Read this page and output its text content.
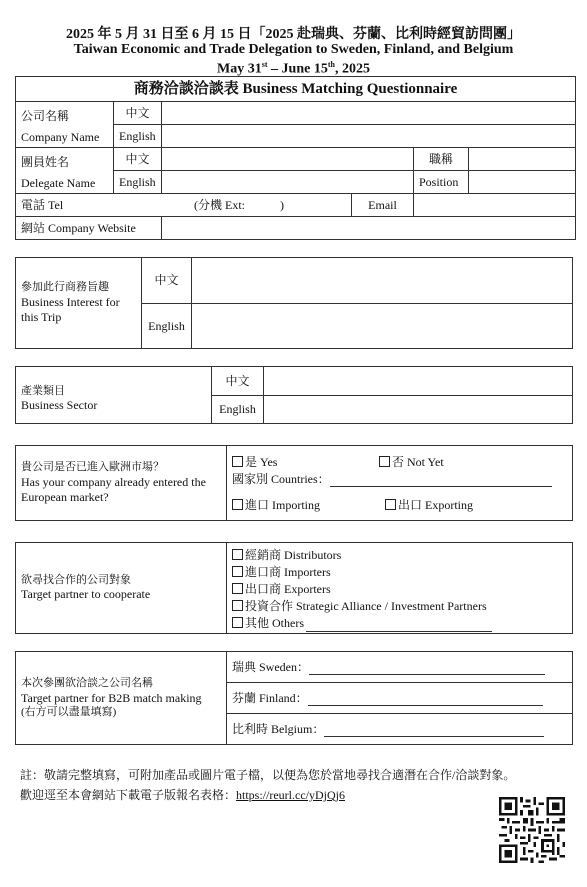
2025 年 5 月 31 日至 6 月 15 日「2025 赴瑞典、芬蘭、比利時經貿訪問團」
Taiwan Economic and Trade Delegation to Sweden, Finland, and Belgium
May 31st – June 15th, 2025
商務洽談洽談表 Business Matching Questionnaire					

公司名稱
Company Name	中文				
	English				

團員姓名
Delegate Name	中文			職稱	
	English			Position	
電話 Tel (分機 Ext: )			Email		
網站 Company Website					
參加此行商務旨趣
Business Interest for this Trip	中文	
	English	
產業類目
Business Sector	中文	
	English	
貴公司是否已進入歐洲市場？
Has your company already entered the European market?

是 Yes	否 Not Yet
國家別 Countries：
進口 Importing	出口 Exporting
欲尋找合作的公司對象
Target partner to cooperate

經銷商 Distributors
進口商 Importers
出口商 Exporters
投資合作 Strategic Alliance / Investment Partners
其他 Others
本次參團欲洽談之公司名稱
Target partner for B2B match making
(右方可以盡量填寫)
	瑞典 Sweden：
芬蘭 Finland：
比利時 Belgium：
註：敬請完整填寫，可附加產品或圖片電子檔，以便為您於當地尋找合適潛在合作/洽談對象。
歡迎逕至本會網站下載電子版報名表格：https://reurl.cc/yDjQj6
